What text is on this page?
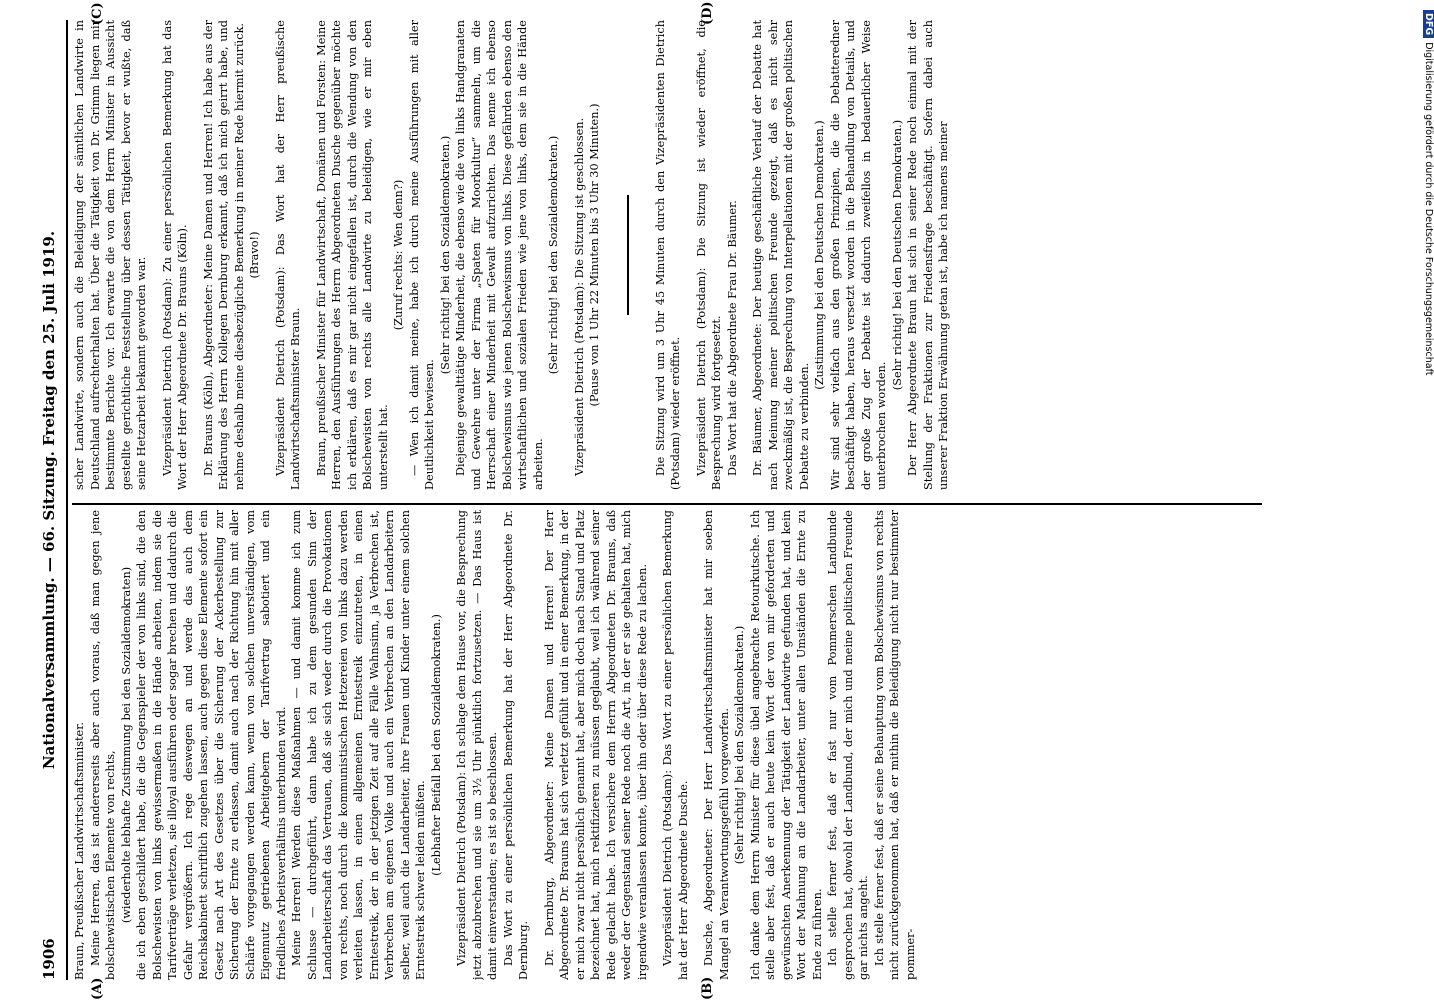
1906
Nationalversammlung. — 66. Sitzung. Freitag den 25. Juli 1919.
(A)	(B)
(C)	(D)

Braun, Preußischer Landwirtschaftsminister. Meine Herren, das ist andererseits aber auch voraus, daß man gegen jene bolschewistischen Elemente von rechts, (wiederholte lebhafte Zustimmung bei den Sozialdemokraten) die ich eben geschildert habe, die die Gegenspieler der von links sind, die den Bolschewisten von links gewissermaßen in die Hände arbeiten, indem sie die Tarifverträge verletzen, sie illoyal ausführen oder sogar brechen und dadurch die Gefahr vergrößern. Ich rege deswegen an und werde das auch dem Reichskabinett schriftlich zugehen lassen, auch gegen diese Elemente sofort ein Gesetz nach Art des Gesetzes über die Sicherung der Ackerbestellung zur Sicherung der Ernte zu erlassen, damit auch nach der Richtung hin mit aller Schärfe vorgegangen werden kann, wenn von solchen unverständigen, vom Eigennutz getriebenen Arbeitgebern der Tarifvertrag sabotiert und ein friedliches Arbeitsverhältnis unterbunden wird. Meine Herren! Werden diese Maßnahmen — und damit komme ich zum Schlusse — durchgeführt, dann habe ich zu dem gesunden Sinn der Landarbeiterschaft das Vertrauen, daß sie sich weder durch die Provokationen von rechts, noch durch die kommunistischen Hetzereien von links dazu werden verleiten lassen, in einen allgemeinen Erntestreik einzutreten, in einen Erntestreik, der in der jetzigen Zeit auf alle Fälle Wahnsinn, ja Verbrechen ist, Verbrechen am eigenen Volke und auch ein Verbrechen an den Landarbeitern selber, weil auch die Landarbeiter, ihre Frauen und Kinder unter einem solchen Erntestreik schwer leiden müßten.

(Lebhafter Beifall bei den Sozialdemokraten.) Vizepräsident Dietrich (Potsdam): Ich schlage dem Hause vor, die Besprechung jetzt abzubrechen und sie um 3½ Uhr pünktlich fortzusetzen. — Das Haus ist damit einverstanden; es ist so beschlossen. Das Wort zu einer persönlichen Bemerkung hat der Herr Abgeordnete Dr. Dernburg. Dr. Dernburg, Abgeordneter: Meine Damen und Herren! Der Herr Abgeordnete Dr. Brauns hat sich verletzt gefühlt und in einer Bemerkung, in der er mich zwar nicht persönlich genannt hat, aber mich doch nach Stand und Platz bezeichnet hat, mich rektifizieren zu müssen geglaubt, weil ich während seiner Rede gelacht habe. Ich versichere dem Herrn Abgeordneten Dr. Brauns, daß weder der Gegenstand seiner Rede noch die Art, in der er sie gehalten hat, mich irgendwie veranlassen konnte, über ihn oder über diese Rede zu lachen. Vizepräsident Dietrich (Potsdam): Das Wort zu einer persönlichen Bemerkung hat der Herr Abgeordnete Dusche. Dusche, Abgeordneter: Der Herr Landwirtschaftsminister hat mir soeben Mangel an Verantwortungsgefühl vorgeworfen. (Sehr richtig! bei den Sozialdemokraten.) Ich danke dem Herrn Minister für diese übel angebrachte Retourkutsche. Ich stelle aber fest, daß er auch heute kein Wort der von mir geforderten und gewünschten Anerkennung der Tätigkeit der Landwirte gefunden hat, und kein Wort der Mahnung an die Landarbeiter, unter allen Umständen die Ernte zu Ende zu führen. Ich stelle ferner fest, daß er fast nur vom Pommerschen Landbunde gesprochen hat, obwohl der Landbund, der mich und meine politischen Freunde gar nichts angeht. Ich stelle ferner fest, daß er seine Behauptung vom Bolschewismus von rechts nicht zurückgenommen hat, daß er mithin die Beleidigung nicht nur bestimmter pommer-

scher Landwirte, sondern auch die Beleidigung der sämtlichen Landwirte in Deutschland aufrechterhalten hat. Über die Tätigkeit von Dr. Grimm liegen mir bestimmte Berichte vor. Ich erwarte die von dem Herrn Minister in Aussicht gestellte gerichtliche Feststellung über dessen Tätigkeit, bevor er wußte, daß seine Hetzarbeit bekannt geworden war. Vizepräsident Dietrich (Potsdam): Zu einer persönlichen Bemerkung hat das Wort der Herr Abgeordnete Dr. Brauns (Köln). Dr. Brauns (Köln), Abgeordneter: Meine Damen und Herren! Ich habe aus der Erklärung des Herrn Kollegen Dernburg erkannt, daß ich mich geirrt habe, und nehme deshalb meine diesbezügliche Bemerkung in meiner Rede hiermit zurück. (Bravo!) Vizepräsident Dietrich (Potsdam): Das Wort hat der Herr preußische Landwirtschaftsminister Braun. Braun, preußischer Minister für Landwirtschaft, Domänen und Forsten: Meine Herren, den Ausführungen des Herrn Abgeordneten Dusche gegenüber möchte ich erklären, daß es mir gar nicht eingefallen ist, durch die Wendung von den Bolschewisten von rechts alle Landwirte zu beleidigen, wie er mir eben unterstellt hat.

(Zuruf rechts: Wen denn?) — Wen ich damit meine, habe ich durch meine Ausführungen mit aller Deutlichkeit bewiesen.

(Sehr richtig! bei den Sozialdemokraten.) Diejenige gewalttätige Minderheit, die ebenso wie die von links Handgranaten und Gewehre unter der Firma „Spaten für Moorkultur“ sammeln, um die Herrschaft einer Minderheit mit Gewalt aufzurichten. Das nenne ich ebenso Bolschewismus wie jenen Bolschewismus von links. Diese gefährden ebenso den wirtschaftlichen und sozialen Frieden wie jene von links, dem sie in die Hände arbeiten.

(Sehr richtig! bei den Sozialdemokraten.) Vizepräsident Dietrich (Potsdam): Die Sitzung ist geschlossen. (Pause von 1 Uhr 22 Minuten bis 3 Uhr 30 Minuten.)	Die Sitzung wird um 3 Uhr 45 Minuten durch den Vizepräsidenten Dietrich (Potsdam) wieder eröffnet. Vizepräsident Dietrich (Potsdam): Die Sitzung ist wieder eröffnet, die Besprechung wird fortgesetzt. Das Wort hat die Abgeordnete Frau Dr. Bäumer. Dr. Bäumer, Abgeordnete: Der heutige geschäftliche Verlauf der Debatte hat nach Meinung meiner politischen Freunde gezeigt, daß es nicht sehr zweckmäßig ist, die Besprechung von Interpellationen mit der großen politischen Debatte zu verbinden.

(Zustimmung bei den Deutschen Demokraten.) Wir sind sehr vielfach aus den großen Prinzipien, die die Debatteredner beschäftigt haben, heraus versetzt worden in die Behandlung von Details, und der große Zug der Debatte ist dadurch zweifellos in bedauerlicher Weise unterbrochen worden.

(Sehr richtig! bei den Deutschen Demokraten.) Der Herr Abgeordnete Braun hat sich in seiner Rede noch einmal mit der Stellung der Fraktionen zur Friedensfrage beschäftigt. Sofern dabei auch unserer Fraktion Erwähnung getan ist, habe ich namens meiner

DFGDigitalisierung gefördert durch die Deutsche Forschungsgemeinschaft
